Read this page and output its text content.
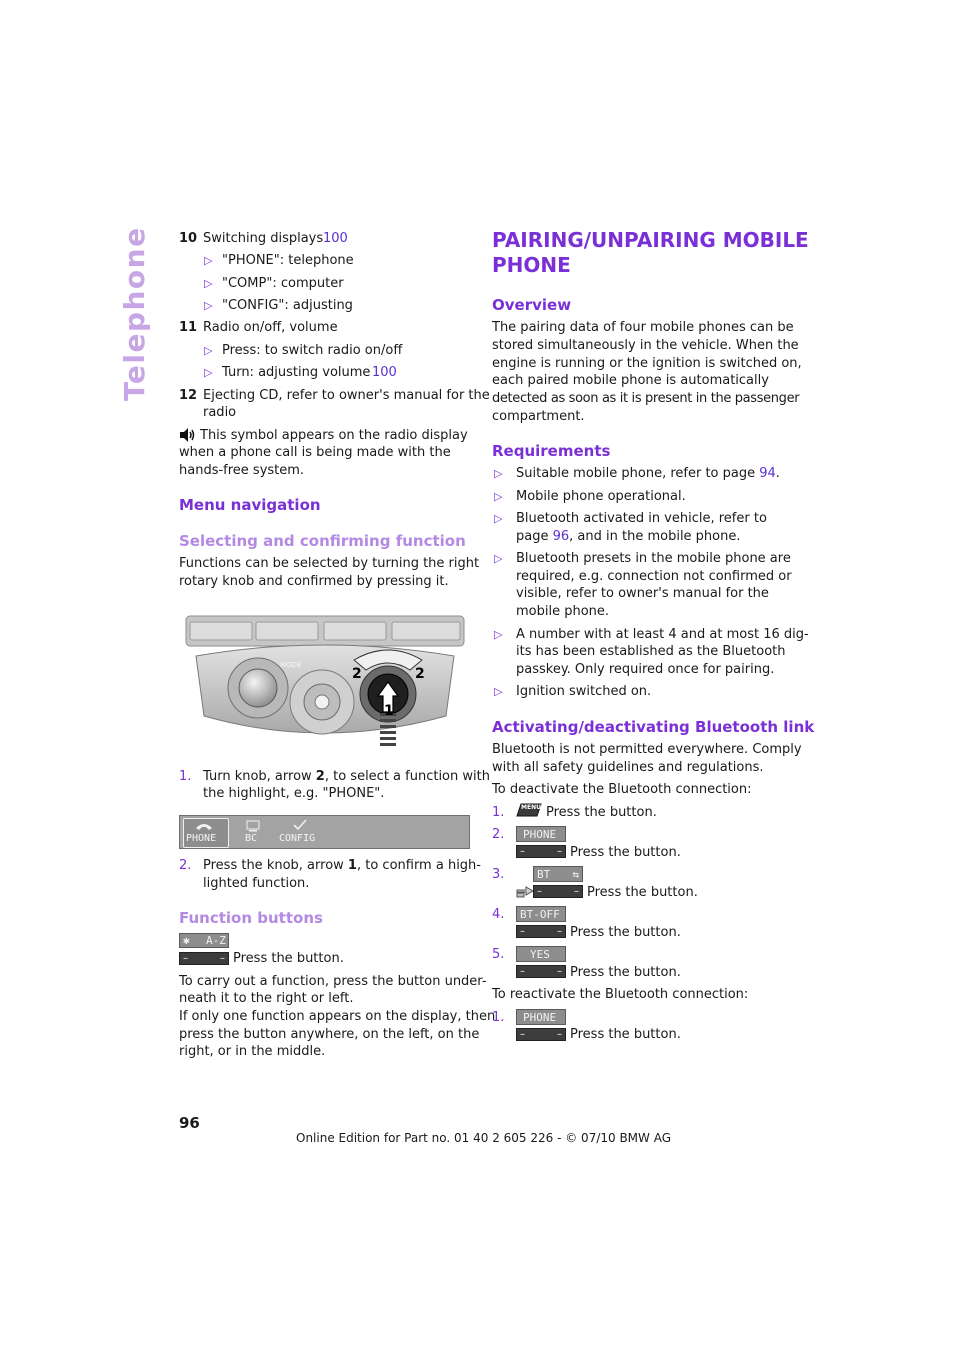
Telephone 10 Switching displays 100
▷ "PHONE": telephone
▷ "COMP": computer
▷ "CONFIG": adjusting
11 Radio on/off, volume
▷ Press: to switch radio on/off
▷ Turn: adjusting volume 100
12 Ejecting CD, refer to owner's manual for the
radio
This symbol appears on the radio display
when a phone call is being made with the
hands-free system.
Menu navigation
Selecting and confirming function
Functions can be selected by turning the right
rotary knob and confirmed by pressing it.
MODE
2	2
1
1. Turn knob, arrow 2, to select a function with
the highlight, e.g. "PHONE".
PHONE	BC CONFIG
2. Press the knob, arrow 1, to confirm a high-
lighted function.
Function buttons
✱ A-Z
–	– Press the button.
To carry out a function, press the button under-
neath it to the right or left.
If only one function appears on the display, then
press the button anywhere, on the left, on the
right, or in the middle.
PAIRING/UNPAIRING MOBILE
PHONE
Overview
The pairing data of four mobile phones can be
stored simultaneously in the vehicle. When the
engine is running or the ignition is switched on,
each paired mobile phone is automatically
detected as soon as it is present in the passenger
compartment.
Requirements
▷ Suitable mobile phone, refer to page 94.
▷ Mobile phone operational.
▷ Bluetooth activated in vehicle, refer to
page 96, and in the mobile phone.
▷ Bluetooth presets in the mobile phone are
required, e.g. connection not confirmed or
visible, refer to owner's manual for the
mobile phone.
▷ A number with at least 4 and at most 16 dig-
its has been established as the Bluetooth
passkey. Only required once for pairing.
▷ Ignition switched on.
Activating/deactivating Bluetooth link
Bluetooth is not permitted everywhere. Comply
with all safety guidelines and regulations.
To deactivate the Bluetooth connection:
1.	MENU Press the button.
2.	PHONE
–	– Press the button.
3.	BT ⇆
–	– Press the button.
4.	BT-OFF
–	– Press the button.
5.	YES
–	– Press the button.
To reactivate the Bluetooth connection:
1.	PHONE
–	– Press the button.
96
Online Edition for Part no. 01 40 2 605 226 - © 07/10 BMW AG
